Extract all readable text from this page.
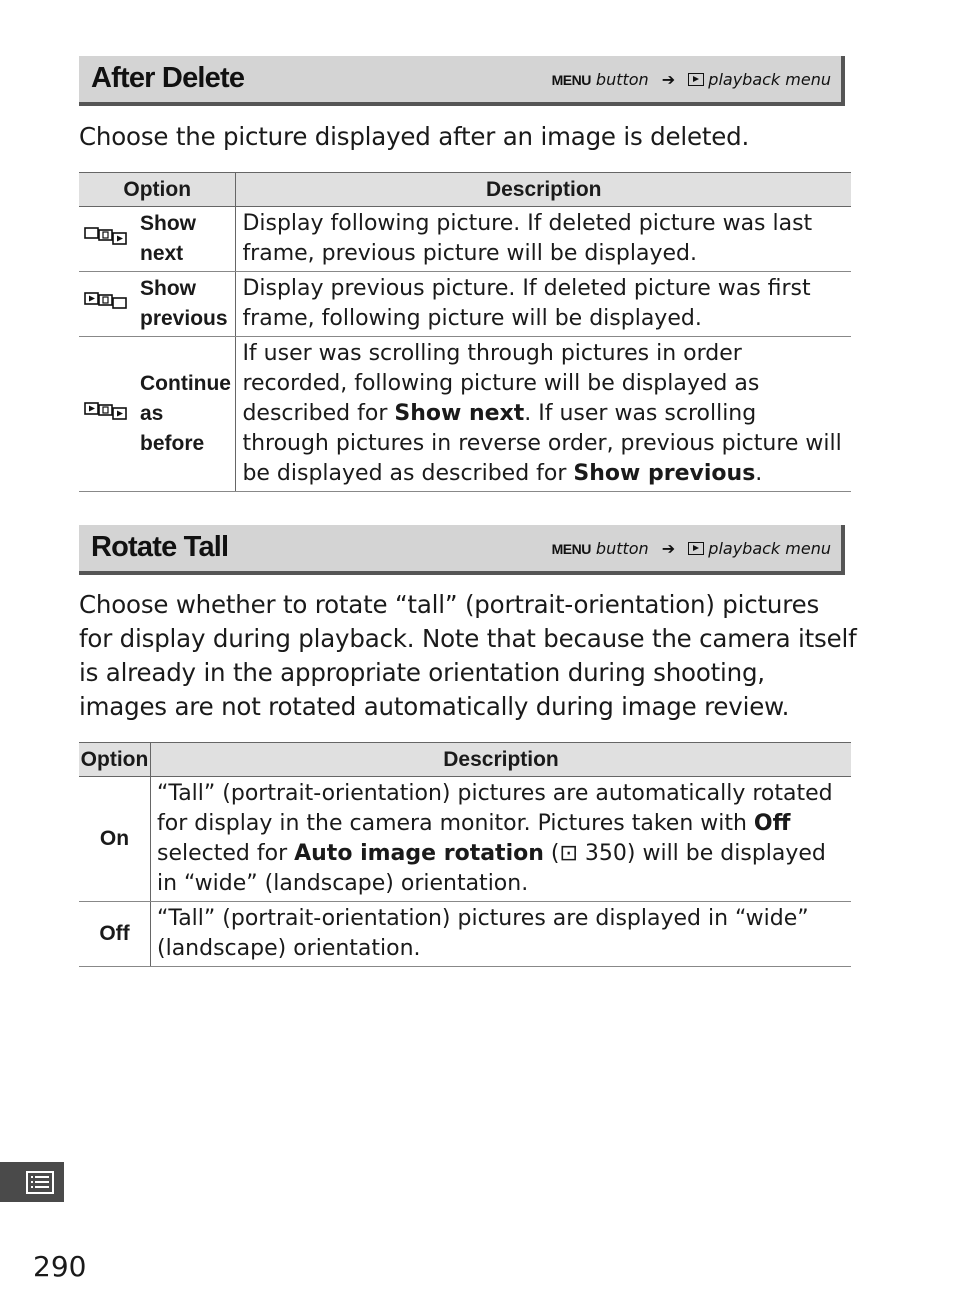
After Delete	MENU button ➔ playback menu
Choose the picture displayed after an image is deleted.
Option		Description

Show
next	Display following picture. If deleted picture was last frame, previous picture will be displayed.

Show
previous	Display previous picture. If deleted picture was first frame, following picture will be displayed.

Continue
as before	If user was scrolling through pictures in order recorded, following picture will be displayed as described for Show next. If user was scrolling through pictures in reverse order, previous picture will be displayed as described for Show previous.
Rotate Tall	MENU button ➔ playback menu
Choose whether to rotate “tall” (portrait-orientation) pictures for display during playback. Note that because the camera itself is already in the appropriate orientation during shooting, images are not rotated automatically during image review.
Option	Description
On	“Tall” (portrait-orientation) pictures are automatically rotated for display in the camera monitor. Pictures taken with Off selected for Auto image rotation (⊡ 350) will be displayed in “wide” (landscape) orientation.
Off	“Tall” (portrait-orientation) pictures are displayed in “wide” (landscape) orientation.
290
